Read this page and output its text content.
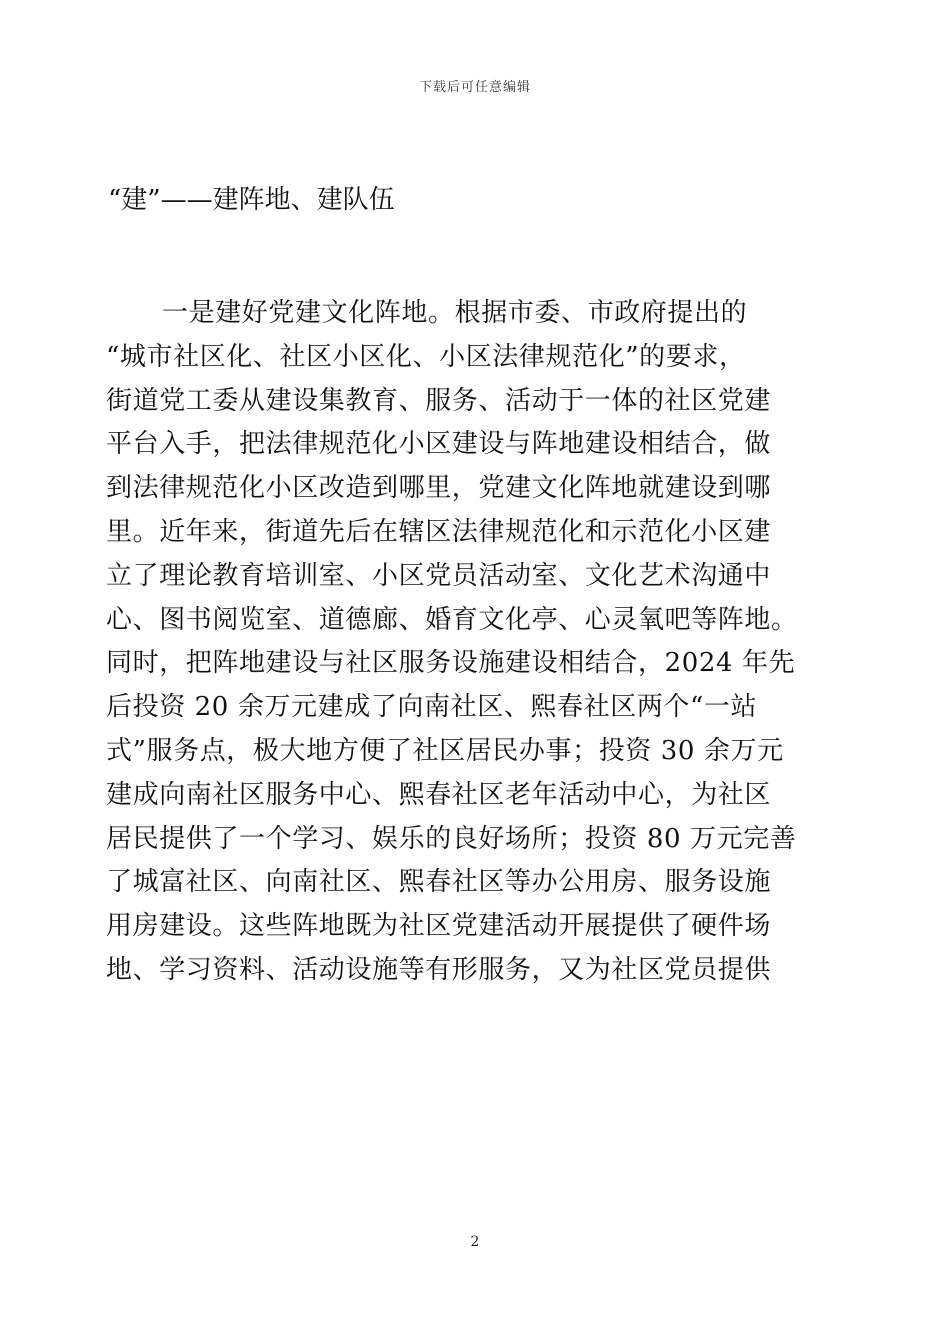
下载后可任意编辑
“建”——建阵地、建队伍
一是建好党建文化阵地。根据市委、市政府提出的
“城市社区化、社区小区化、小区法律规范化”的要求，
街道党工委从建设集教育、服务、活动于一体的社区党建
平台入手，把法律规范化小区建设与阵地建设相结合，做
到法律规范化小区改造到哪里，党建文化阵地就建设到哪
里。近年来，街道先后在辖区法律规范化和示范化小区建
立了理论教育培训室、小区党员活动室、文化艺术沟通中
心、图书阅览室、道德廊、婚育文化亭、心灵氧吧等阵地。
同时，把阵地建设与社区服务设施建设相结合，2024 年先
后投资 20 余万元建成了向南社区、熙春社区两个“一站
式”服务点，极大地方便了社区居民办事；投资 30 余万元
建成向南社区服务中心、熙春社区老年活动中心，为社区
居民提供了一个学习、娱乐的良好场所；投资 80 万元完善
了城富社区、向南社区、熙春社区等办公用房、服务设施
用房建设。这些阵地既为社区党建活动开展提供了硬件场
地、学习资料、活动设施等有形服务，又为社区党员提供
2
